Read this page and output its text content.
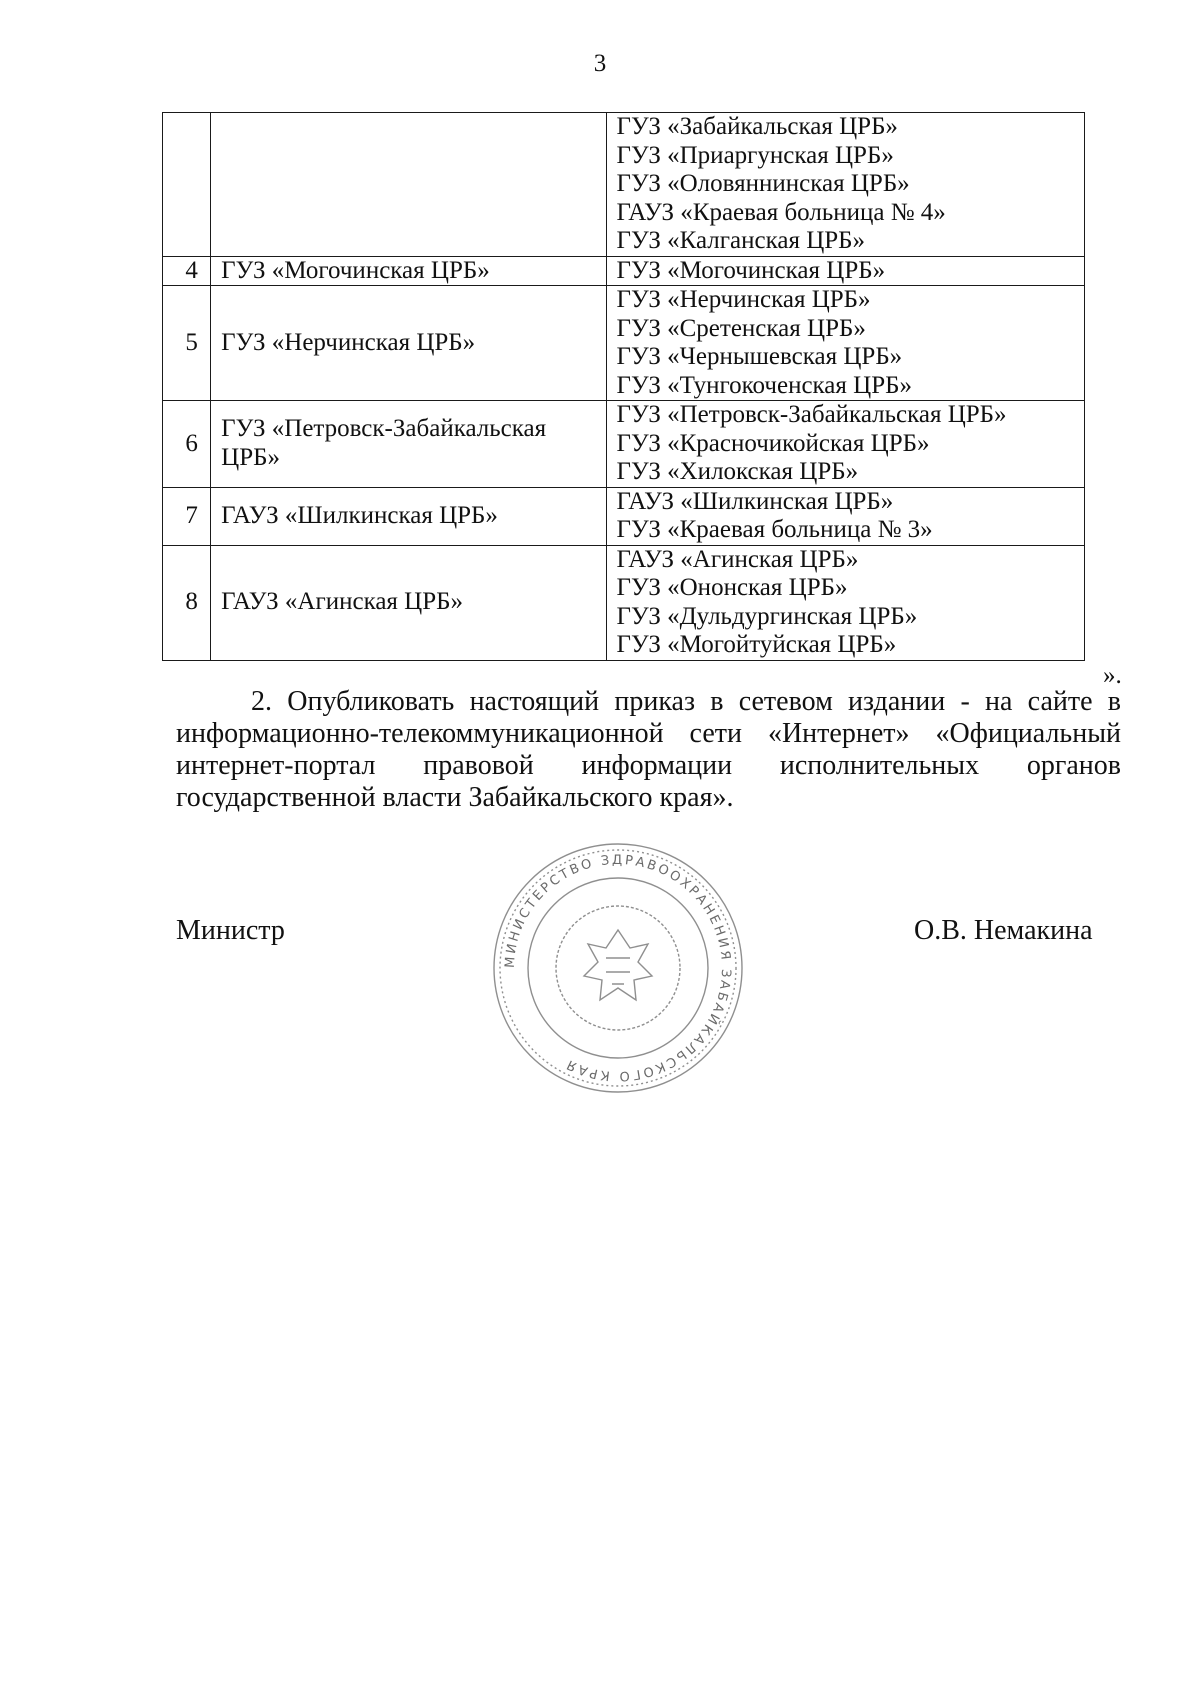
3

		ГУЗ «Забайкальская ЦРБ»
ГУЗ «Приаргунская ЦРБ»
ГУЗ «Оловяннинская ЦРБ»
ГАУЗ «Краевая больница № 4»
ГУЗ «Калганская ЦРБ»

4	ГУЗ «Могочинская ЦРБ»	ГУЗ «Могочинская ЦРБ»

5	ГУЗ «Нерчинская ЦРБ»	ГУЗ «Нерчинская ЦРБ»
ГУЗ «Сретенская ЦРБ»
ГУЗ «Чернышевская ЦРБ»
ГУЗ «Тунгокоченская ЦРБ»

6	ГУЗ «Петровск-Забайкальская ЦРБ»	ГУЗ «Петровск-Забайкальская ЦРБ»
ГУЗ «Красночикойская ЦРБ»
ГУЗ «Хилокская ЦРБ»

7	ГАУЗ «Шилкинская ЦРБ»	ГАУЗ «Шилкинская ЦРБ»
ГУЗ «Краевая больница № 3»

8	ГАУЗ «Агинская ЦРБ»	ГАУЗ «Агинская ЦРБ»
ГУЗ «Ононская ЦРБ»
ГУЗ «Дульдургинская ЦРБ»
ГУЗ «Могойтуйская ЦРБ»
».

2. Опубликовать настоящий приказ в сетевом издании - на сайте в информационно-телекоммуникационной сети «Интернет» «Официальный интернет-портал правовой информации исполнительных органов государственной власти Забайкальского края».

Министр
МИНИСТЕРСТВО ЗДРАВООХРАНЕНИЯ ЗАБАЙКАЛЬСКОГО КРАЯ
О.В. Немакина
